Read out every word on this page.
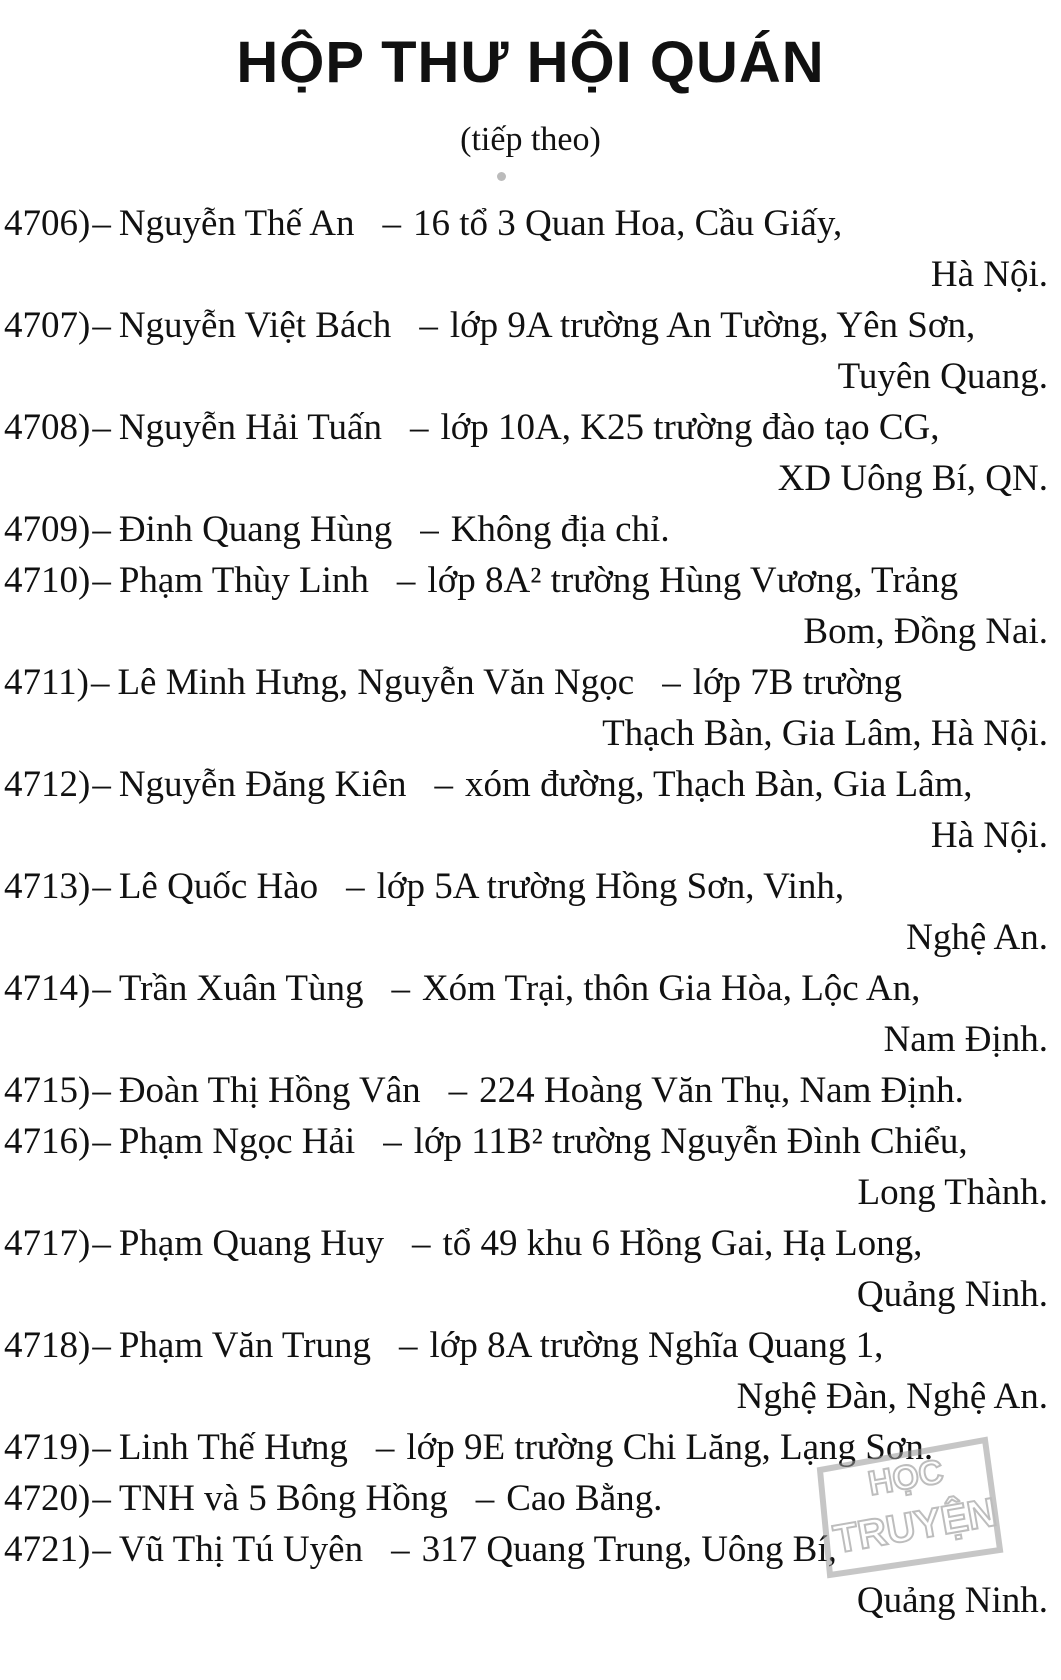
HỘP THƯ HỘI QUÁN
(tiếp theo)
4706) – Nguyễn Thế An – 16 tổ 3 Quan Hoa, Cầu Giấy,
Hà Nội.
4707) – Nguyễn Việt Bách – lớp 9A trường An Tường, Yên Sơn,
Tuyên Quang.
4708) – Nguyễn Hải Tuấn – lớp 10A, K25 trường đào tạo CG,
XD Uông Bí, QN.
4709) – Đinh Quang Hùng – Không địa chỉ.
4710) – Phạm Thùy Linh – lớp 8A² trường Hùng Vương, Trảng
Bom, Đồng Nai.
4711) – Lê Minh Hưng, Nguyễn Văn Ngọc – lớp 7B trường
Thạch Bàn, Gia Lâm, Hà Nội.
4712) – Nguyễn Đăng Kiên – xóm đường, Thạch Bàn, Gia Lâm,
Hà Nội.
4713) – Lê Quốc Hào – lớp 5A trường Hồng Sơn, Vinh,
Nghệ An.
4714) – Trần Xuân Tùng – Xóm Trại, thôn Gia Hòa, Lộc An,
Nam Định.
4715) – Đoàn Thị Hồng Vân – 224 Hoàng Văn Thụ, Nam Định.
4716) – Phạm Ngọc Hải – lớp 11B² trường Nguyễn Đình Chiểu,
Long Thành.
4717) – Phạm Quang Huy – tổ 49 khu 6 Hồng Gai, Hạ Long,
Quảng Ninh.
4718) – Phạm Văn Trung – lớp 8A trường Nghĩa Quang 1,
Nghệ Đàn, Nghệ An.
4719) – Linh Thế Hưng – lớp 9E trường Chi Lăng, Lạng Sơn.
4720) – TNH và 5 Bông Hồng – Cao Bằng.
4721) – Vũ Thị Tú Uyên – 317 Quang Trung, Uông Bí,
Quảng Ninh.
HỌC
TRUYỆN
